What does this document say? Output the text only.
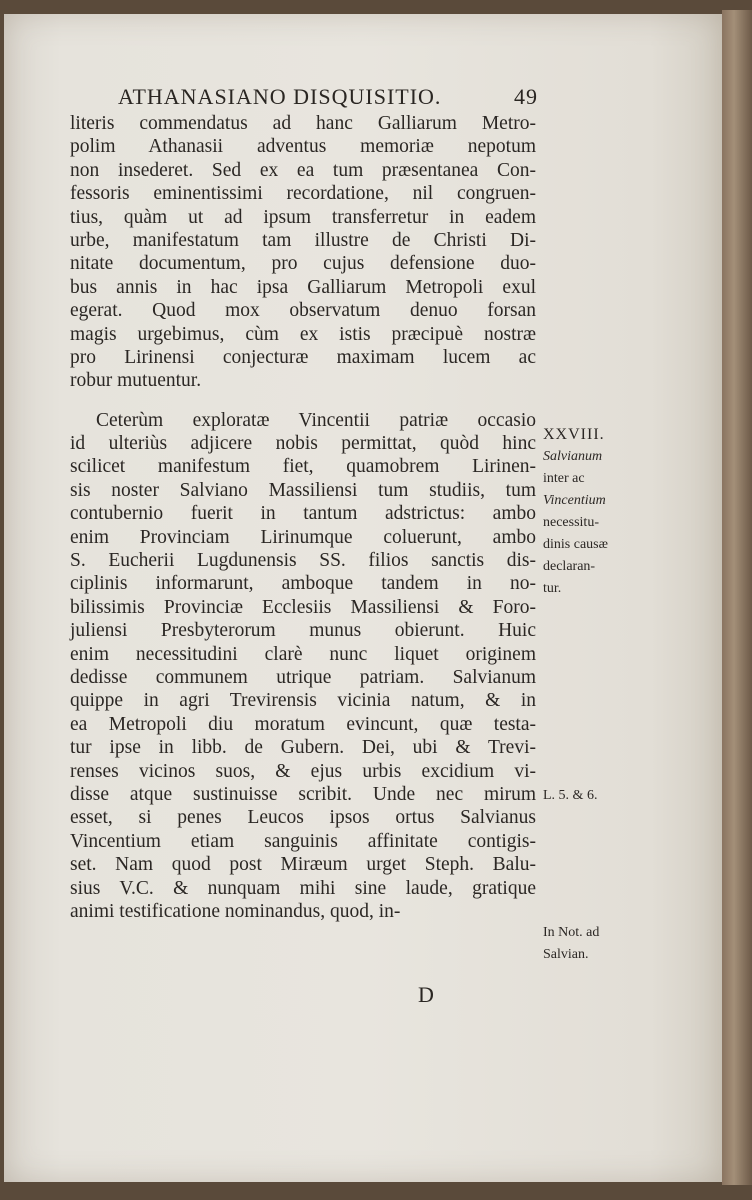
ATHANASIANO DISQUISITIO.	49
literis commendatus ad hanc Galliarum Metro-
polim Athanasii adventus memoriæ nepotum
non insederet. Sed ex ea tum præsentanea Con-
fessoris eminentissimi recordatione, nil congruen-
tius, quàm ut ad ipsum transferretur in eadem
urbe, manifestatum tam illustre de Christi Di-
nitate documentum, pro cujus defensione duo-
bus annis in hac ipsa Galliarum Metropoli exul
egerat. Quod mox observatum denuo forsan
magis urgebimus, cùm ex istis præcipuè nostræ
pro Lirinensi conjecturæ maximam lucem ac
robur mutuentur.
Ceterùm exploratæ Vincentii patriæ occasio
id ulteriùs adjicere nobis permittat, quòd hinc
scilicet manifestum fiet, quamobrem Lirinen-
sis noster Salviano Massiliensi tum studiis, tum
contubernio fuerit in tantum adstrictus: ambo
enim Provinciam Lirinumque coluerunt, ambo
S. Eucherii Lugdunensis SS. filios sanctis dis-
ciplinis informarunt, amboque tandem in no-
bilissimis Provinciæ Ecclesiis Massiliensi & Foro-
juliensi Presbyterorum munus obierunt. Huic
enim necessitudini clarè nunc liquet originem
dedisse communem utrique patriam. Salvianum
quippe in agri Trevirensis vicinia natum, & in
ea Metropoli diu moratum evincunt, quæ testa-
tur ipse in libb. de Gubern. Dei, ubi & Trevi-
renses vicinos suos, & ejus urbis excidium vi-
disse atque sustinuisse scribit. Unde nec mirum
esset, si penes Leucos ipsos ortus Salvianus
Vincentium etiam sanguinis affinitate contigis-
set. Nam quod post Miræum urget Steph. Balu-
sius V.C. & nunquam mihi sine laude, gratique
animi testificatione nominandus, quod, in-
XXVIII.
Salvianum
inter ac
Vincentium
necessitu-
dinis causæ
declaran-
tur.
L. 5. & 6.
In Not. ad
Salvian.
D
